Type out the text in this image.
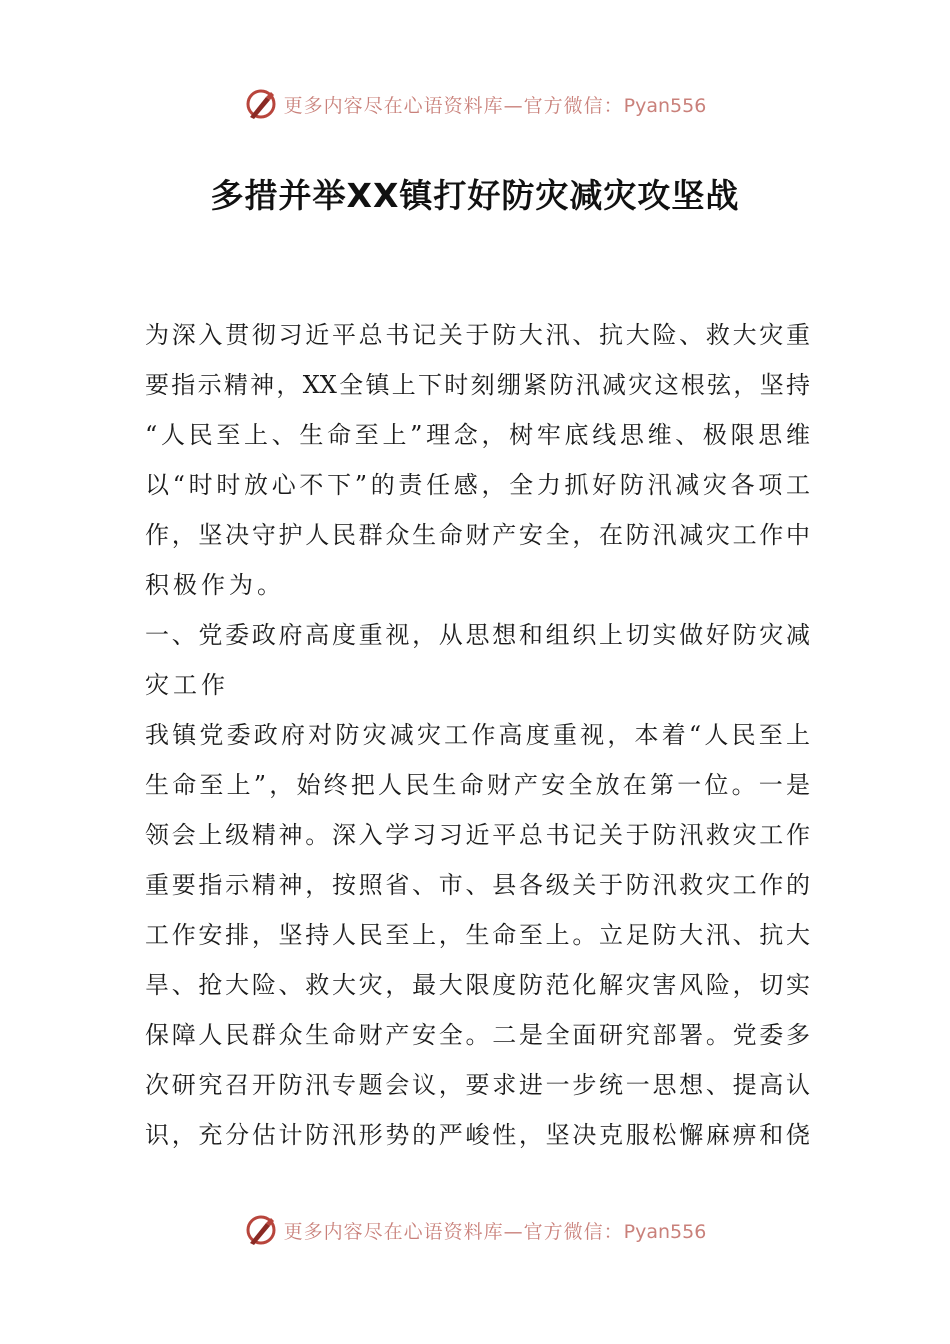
更多内容尽在心语资料库—官方微信：Pyan556
多措并举XX镇打好防灾减灾攻坚战
为深入贯彻习近平总书记关于防大汛、抗大险、救大灾重
要指示精神，XX全镇上下时刻绷紧防汛减灾这根弦，坚持
“人民至上、生命至上”理念，树牢底线思维、极限思维
以“时时放心不下”的责任感，全力抓好防汛减灾各项工
作，坚决守护人民群众生命财产安全，在防汛减灾工作中
积极作为。
一、党委政府高度重视，从思想和组织上切实做好防灾减
灾工作
我镇党委政府对防灾减灾工作高度重视，本着“人民至上
生命至上”，始终把人民生命财产安全放在第一位。一是
领会上级精神。深入学习习近平总书记关于防汛救灾工作
重要指示精神，按照省、市、县各级关于防汛救灾工作的
工作安排，坚持人民至上，生命至上。立足防大汛、抗大
旱、抢大险、救大灾，最大限度防范化解灾害风险，切实
保障人民群众生命财产安全。二是全面研究部署。党委多
次研究召开防汛专题会议，要求进一步统一思想、提高认
识，充分估计防汛形势的严峻性，坚决克服松懈麻痹和侥
更多内容尽在心语资料库—官方微信：Pyan556
